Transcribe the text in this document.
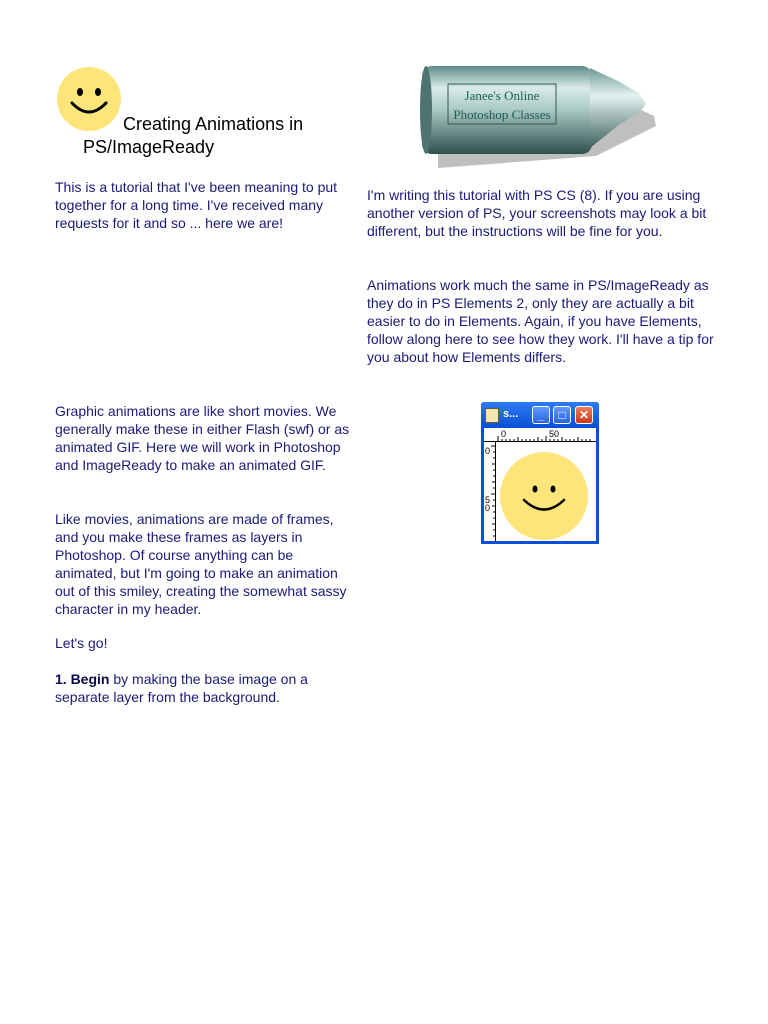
Creating Animations in
PS/ImageReady
Janee's Online
Photoshop Classes

This is a tutorial that I've been meaning to put together for a long time. I've received many requests for it and so ... here we are!

Graphic animations are like short movies. We generally make these in either Flash (swf) or as animated GIF. Here we will work in Photoshop and ImageReady to make an animated GIF.

Like movies, animations are made of frames, and you make these frames as layers in Photoshop. Of course anything can be animated, but I'm going to make an animation out of this smiley, creating the somewhat sassy character in my header.

Let's go!

1. Begin by making the base image on a separate layer from the background.

I'm writing this tutorial with PS CS (8). If you are using another version of PS, your screenshots may look a bit different, but the instructions will be fine for you.

Animations work much the same in PS/ImageReady as they do in PS Elements 2, only they are actually a bit easier to do in Elements. Again, if you have Elements, follow along here to see how they work. I'll have a tip for you about how Elements differs.

s...	_	□	✕
0	50
0
5
0
